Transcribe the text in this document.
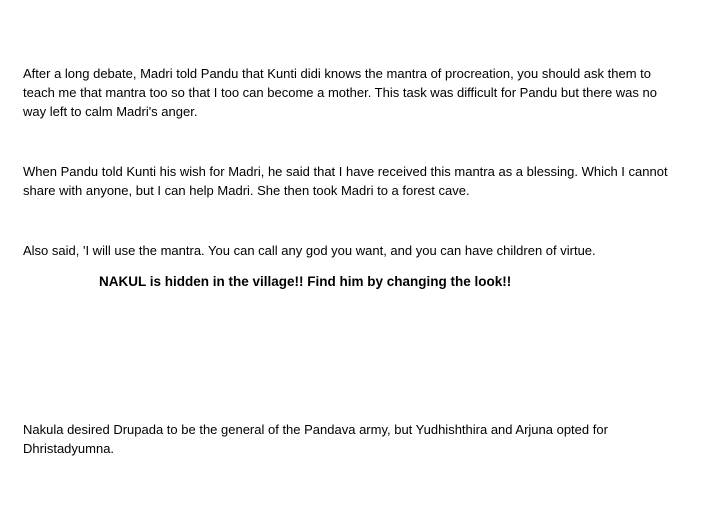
After a long debate, Madri told Pandu that Kunti didi knows the mantra of procreation, you should ask them to teach me that mantra too so that I too can become a mother. This task was difficult for Pandu but there was no way left to calm Madri's anger.

When Pandu told Kunti his wish for Madri, he said that I have received this mantra as a blessing. Which I cannot share with anyone, but I can help Madri. She then took Madri to a forest cave.

Also said, 'I will use the mantra. You can call any god you want, and you can have children of virtue.

NAKUL is hidden in the village!! Find him by changing the look!!

Nakula desired Drupada to be the general of the Pandava army, but Yudhishthira and Arjuna opted for Dhristadyumna.
